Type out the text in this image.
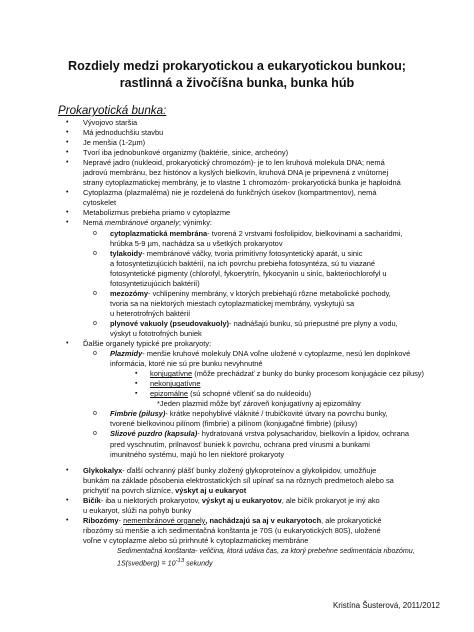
Rozdiely medzi prokaryotickou a eukaryotickou bunkou;
rastlinná a živočíšna bunka, bunka húb
Prokaryotická bunka:
• Vývojovo staršia
• Má jednoduchšiu stavbu
• Je menšia (1-2µm)
• Tvorí iba jednobunkové organizmy (baktérie, sinice, archeóny)
• Nepravé jadro (nukleoid, prokaryotický chromozóm)- je to len kruhová molekula DNA; nemá
jadrovú membránu, bez histónov a kyslých bielkovín, kruhová DNA je pripevnená z vnútornej
strany cytoplazmatickej membrány, je to vlastne 1 chromozóm- prokaryotická bunka je haploidná
• Cytoplazma (plazmaléma) nie je rozdelená do funkčných úsekov (kompartmentov), nemá
cytoskelet
• Metabolizmus prebieha priamo v cytoplazme
• Nemá membránové organely; výnimky:
o cytoplazmatická membrána- tvorená 2 vrstvami fosfolipidov, bielkovinami a sacharidmi,
hrúbka 5-9 µm, nachádza sa u všetkých prokaryotov
o tylakoidy- membránové váčky, tvoria primitívny fotosyntetický aparát, u sinic
a fotosyntetizujúcich baktérií, na ich povrchu prebieha fotosyntéza, sú tu viazané
fotosyntetické pigmenty (chlorofyl, fykoerytrín, fykocyanín u siníc, bakteriochlorofyl u
fotosyntetizujúcich baktérií)
o mezozómy- vchlipeniny membrány, v ktorých prebiehajú rôzne metabolické pochody,
tvoria sa na niektorých miestach cytoplazmatickej membrány, vyskytujú sa
u heterotrofných baktérií
o plynové vakuoly (pseudovakuoly)- nadnášajú bunku, sú priepustné pre plyny a vodu,
výskyt u fototrofných buniek
• Ďalšie organely typické pre prokaryoty:
o Plazmidy- menšie kruhové molekuly DNA voľne uložené v cytoplazme, nesú len doplnkové
informácia, ktoré nie sú pre bunku nevyhnutné
▪ konjugatívne (môže prechádzať z bunky do bunky procesom konjugácie cez pilusy)
▪ nekonjugatívne
▪ epizomálne (sú schopné včleniť sa do nukleoidu)
*Jeden plazmid môže byť zároveň konjugatívny aj epizomálny
o Fimbrie (pilusy)- krátke nepohyblivé vláknité / trubičkovité útvary na povrchu bunky,
tvorené bielkovinou pilínom (fimbrie) a pilínom (konjugačné fimbrie) (pilusy)
o Slizové puzdro (kapsula)- hydratovaná vrstva polysacharidov, bielkovín a lipidov, ochrana
pred vyschnutím, prilnavosť buniek k povrchu, ochrana pred vírusmi a bunkami
imunitného systému, majú ho len niektoré prokaryoty
• Glykokalyx- ďalší ochranný plášť bunky zložený glykoproteínov a glykolipidov, umožňuje
bunkám na základe pôsobenia elektrostatických síl upínať sa na rôznych predmetoch alebo sa
prichytiť na povrch slizníce, výskyt aj u eukaryot
• Bičík- iba u niektorých prokaryotov, výskyt aj u eukaryotov, ale bičík prokaryot je iný ako
u eukaryot, slúži na pohyb bunky
• Ribozómy- nemembránové organely, nachádzajú sa aj v eukaryotoch, ale prokaryotické
ribozómy sú menšie a ich sedimentačná konštanta je 70S (u eukaryotických 80S), uložené
voľne v cytoplazme alebo sú prirhnuté k cytoplazmatickej membráne
Sedimentačná konštanta- veličina, ktorá udáva čas, za ktorý prebehne sedimentácia ribozómu,
1S(svedberg) = $10^{-13}$ sekundy
Kristína Šusterová, 2011/2012
